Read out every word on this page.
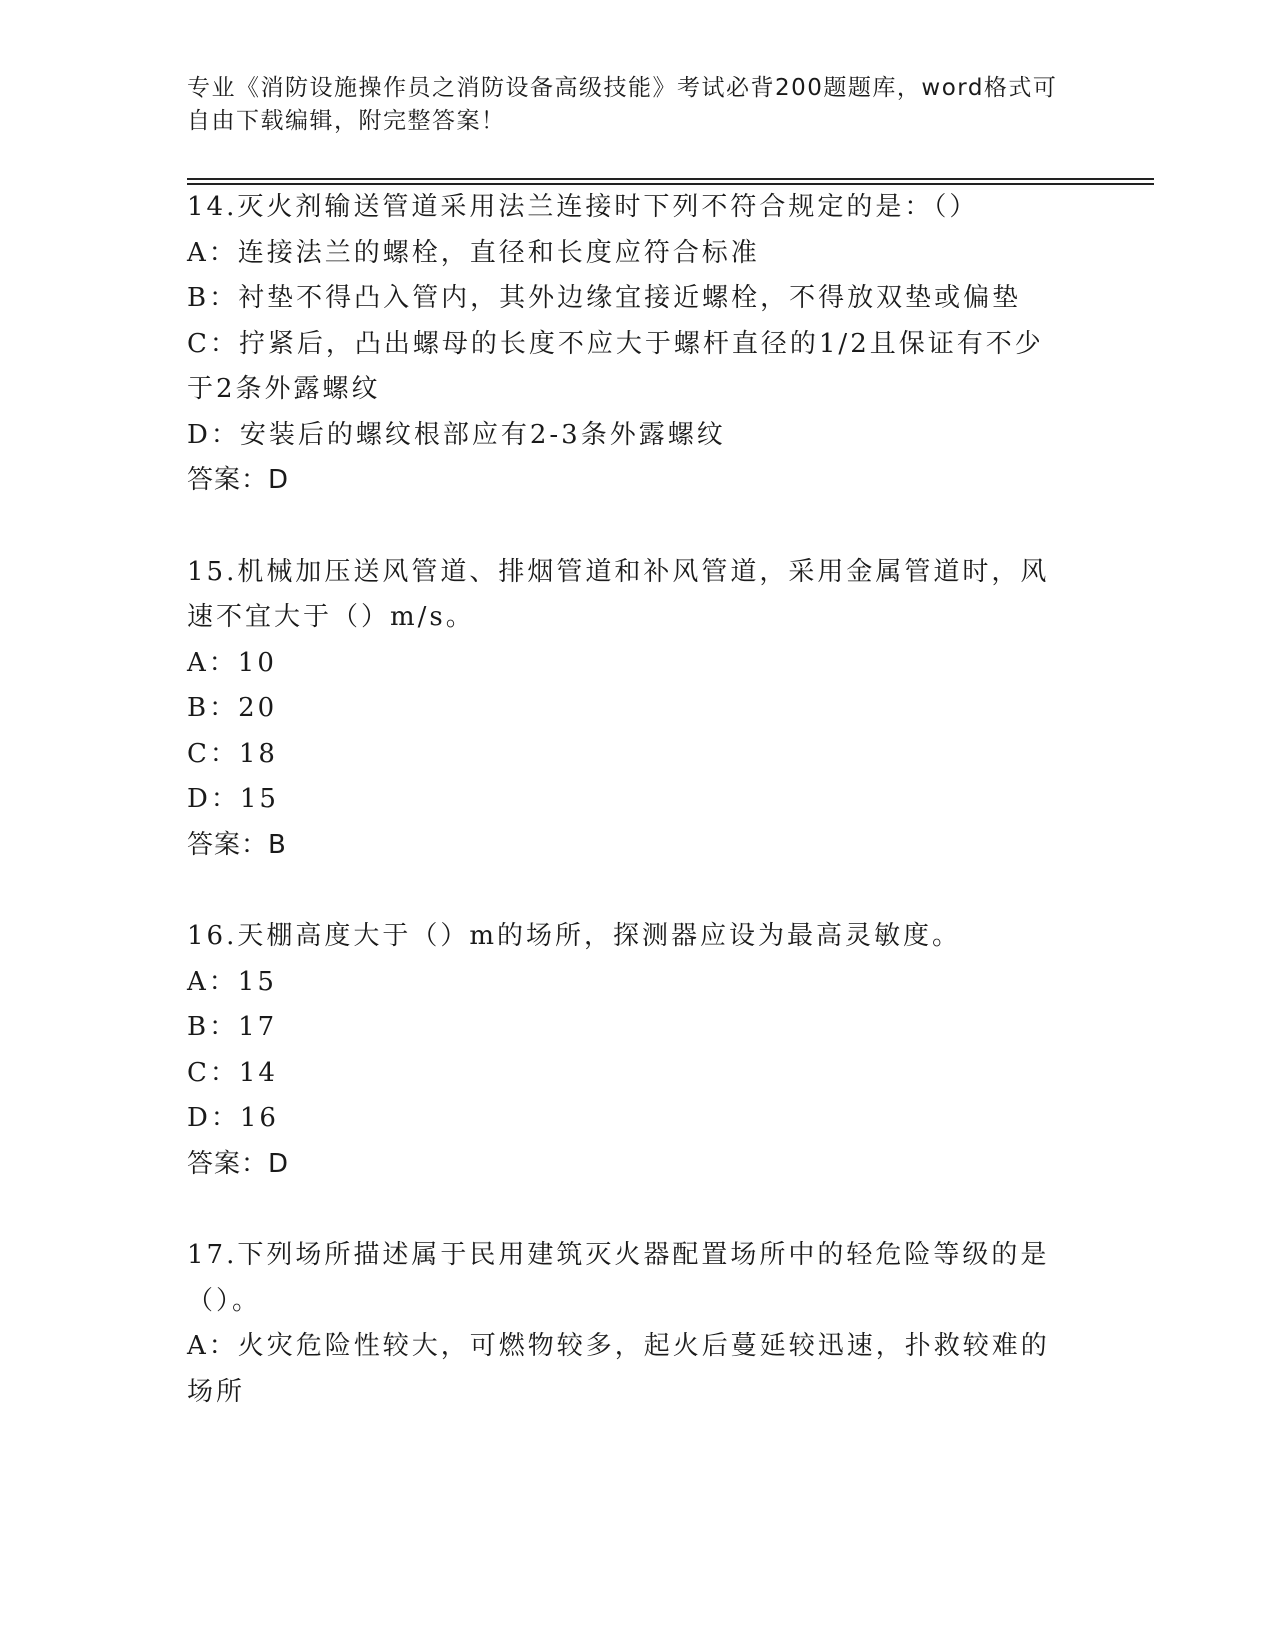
专业《消防设施操作员之消防设备高级技能》考试必背200题题库，word格式可自由下载编辑，附完整答案！
14.灭火剂输送管道采用法兰连接时下列不符合规定的是：（）
A：连接法兰的螺栓，直径和长度应符合标准
B：衬垫不得凸入管内，其外边缘宜接近螺栓，不得放双垫或偏垫
C：拧紧后，凸出螺母的长度不应大于螺杆直径的1/2且保证有不少于2条外露螺纹
D：安装后的螺纹根部应有2-3条外露螺纹
答案：D
15.机械加压送风管道、排烟管道和补风管道，采用金属管道时，风速不宜大于（）m/s。
A：10
B：20
C：18
D：15
答案：B
16.天棚高度大于（）m的场所，探测器应设为最高灵敏度。
A：15
B：17
C：14
D：16
答案：D
17.下列场所描述属于民用建筑灭火器配置场所中的轻危险等级的是（）。
A：火灾危险性较大，可燃物较多，起火后蔓延较迅速，扑救较难的场所
